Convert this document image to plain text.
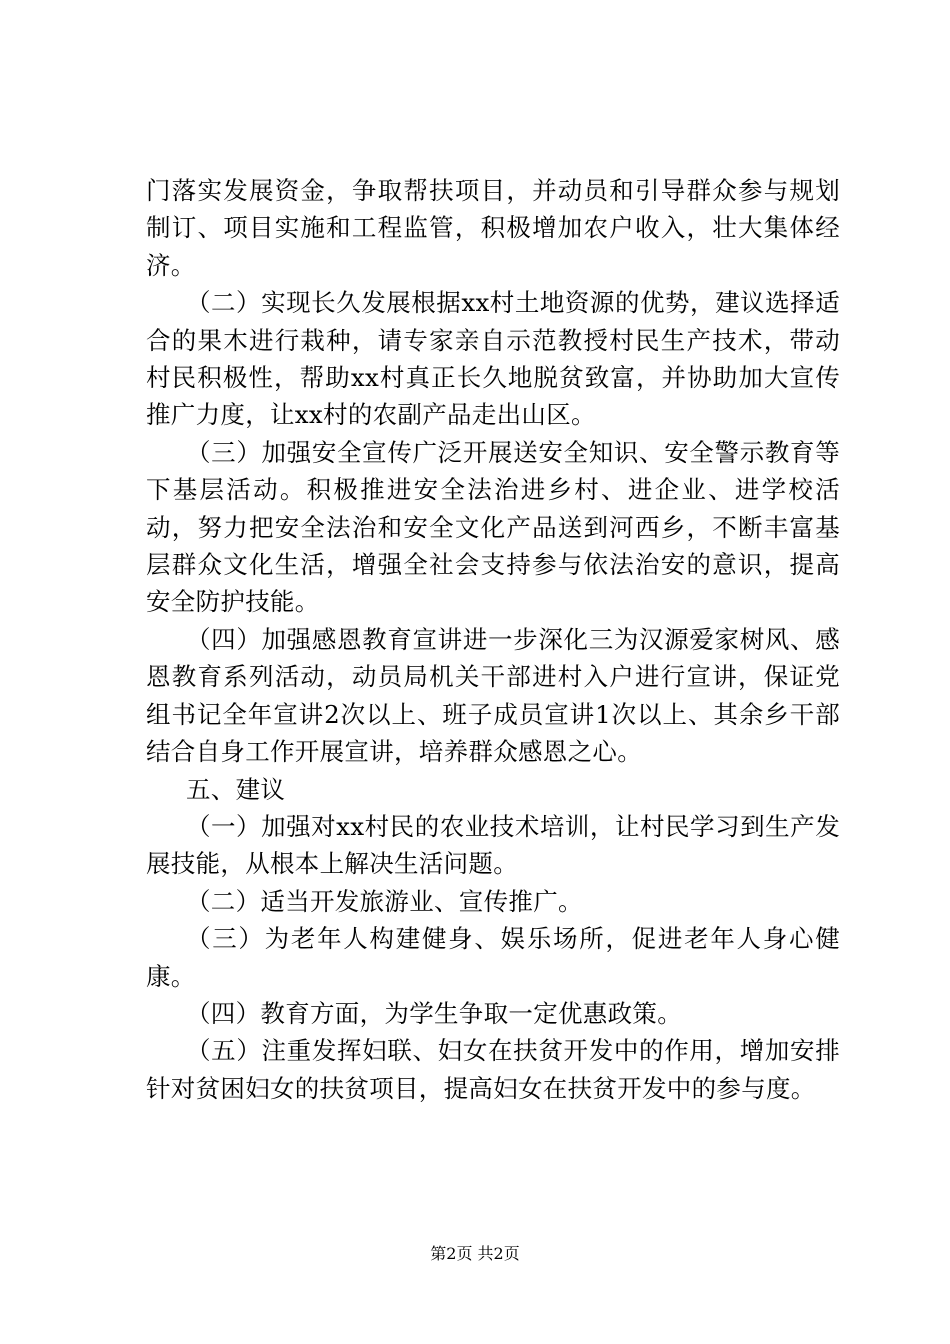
门落实发展资金，争取帮扶项目，并动员和引导群众参与规划制订、项目实施和工程监管，积极增加农户收入，壮大集体经济。

（二）实现长久发展根据xx村土地资源的优势，建议选择适合的果木进行栽种，请专家亲自示范教授村民生产技术，带动村民积极性，帮助xx村真正长久地脱贫致富，并协助加大宣传推广力度，让xx村的农副产品走出山区。

（三）加强安全宣传广泛开展送安全知识、安全警示教育等下基层活动。积极推进安全法治进乡村、进企业、进学校活动，努力把安全法治和安全文化产品送到河西乡，不断丰富基层群众文化生活，增强全社会支持参与依法治安的意识，提高安全防护技能。

（四）加强感恩教育宣讲进一步深化三为汉源爱家树风、感恩教育系列活动，动员局机关干部进村入户进行宣讲，保证党组书记全年宣讲2次以上、班子成员宣讲1次以上、其余乡干部结合自身工作开展宣讲，培养群众感恩之心。

五、建议

（一）加强对xx村民的农业技术培训，让村民学习到生产发展技能，从根本上解决生活问题。

（二）适当开发旅游业、宣传推广。

（三）为老年人构建健身、娱乐场所，促进老年人身心健康。

（四）教育方面，为学生争取一定优惠政策。

（五）注重发挥妇联、妇女在扶贫开发中的作用，增加安排针对贫困妇女的扶贫项目，提高妇女在扶贫开发中的参与度。

第2页 共2页
